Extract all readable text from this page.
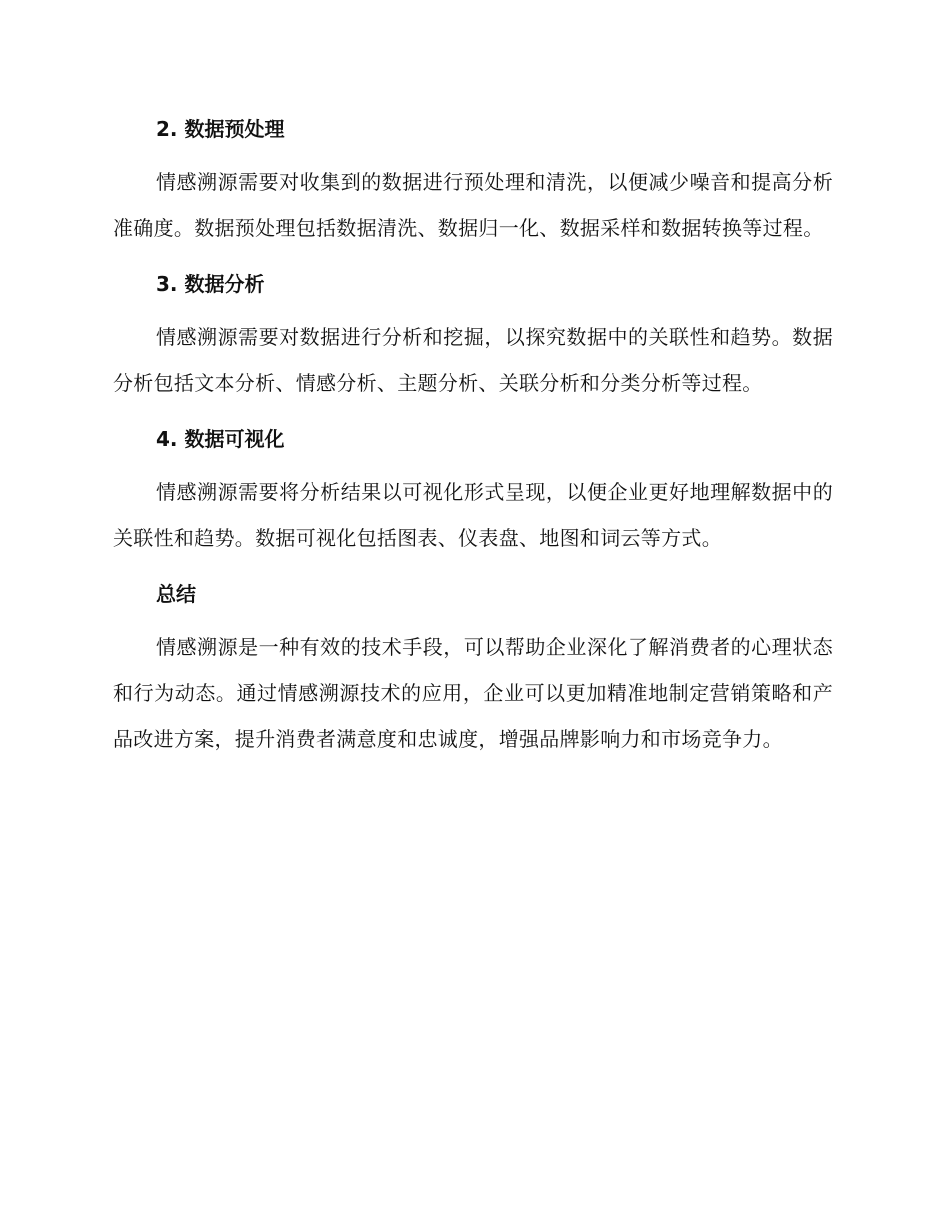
2. 数据预处理

情感溯源需要对收集到的数据进行预处理和清洗，以便减少噪音和提高分析准确度。数据预处理包括数据清洗、数据归一化、数据采样和数据转换等过程。

3. 数据分析

情感溯源需要对数据进行分析和挖掘，以探究数据中的关联性和趋势。数据分析包括文本分析、情感分析、主题分析、关联分析和分类分析等过程。

4. 数据可视化

情感溯源需要将分析结果以可视化形式呈现，以便企业更好地理解数据中的关联性和趋势。数据可视化包括图表、仪表盘、地图和词云等方式。

总结

情感溯源是一种有效的技术手段，可以帮助企业深化了解消费者的心理状态和行为动态。通过情感溯源技术的应用，企业可以更加精准地制定营销策略和产品改进方案，提升消费者满意度和忠诚度，增强品牌影响力和市场竞争力。
